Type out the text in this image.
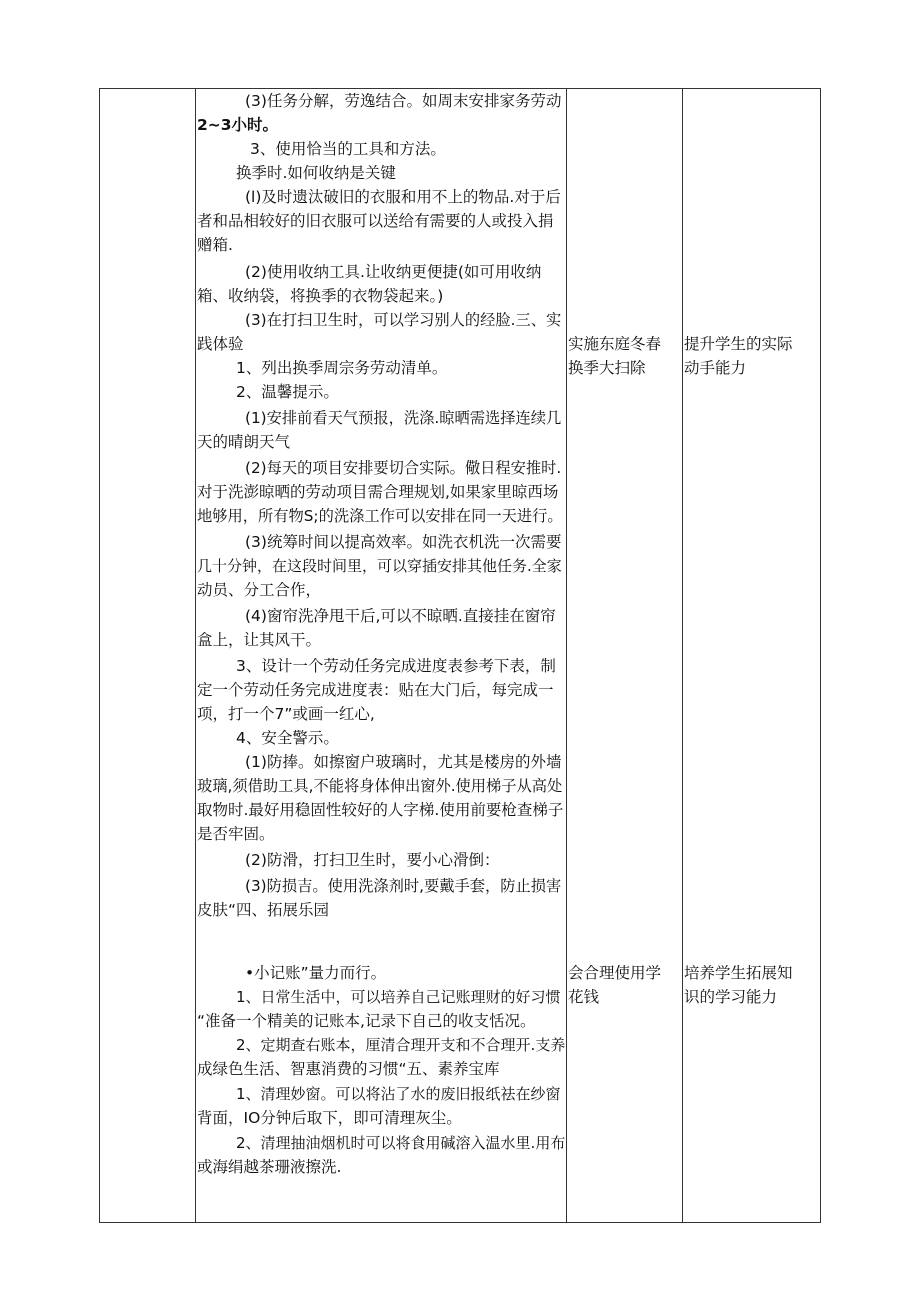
(3)任务分解，劳逸结合。如周末安排家务劳动
2~3小时。
3、使用恰当的工具和方法。
换季时.如何收纳是关键
(l)及时遗汰破旧的衣服和用不上的物品.对于后
者和品相较好的旧衣服可以送给有需要的人或投入捐
赠箱.
(2)使用收纳工具.让收纳更便捷(如可用收纳
箱、收纳袋，将换季的衣物袋起来。)
(3)在打扫卫生时，可以学习别人的经脸.三、实
践体验
1、列出换季周宗务劳动清单。
2、温馨提示。
(1)安排前看天气预报，洗涤.晾晒需选择连续几
天的晴朗天气
(2)每天的项目安排要切合实际。儆日程安推时.
对于洗澎晾晒的劳动项目需合理规划,如果家里晾西场
地够用，所有物S;的洗涤工作可以安排在同一天进行。
(3)统筹时间以提高效率。如洗衣机洗一次需要
几十分钟，在这段时间里，可以穿插安排其他任务.全家
动员、分工合作，
(4)窗帘洗净甩干后,可以不晾晒.直接挂在窗帘
盒上，让其风干。
3、设计一个劳动任务完成进度表参考下表，制
定一个劳动任务完成进度表：贴在大门后，每完成一
项，打一个7”或画一红心,
4、安全警示。
(1)防捧。如擦窗户玻璃时，尤其是楼房的外墙
玻璃,须借助工具,不能将身体伸出窗外.使用梯子从高处
取物时.最好用稳固性较好的人字梯.使用前要枪查梯子
是否牢固。
(2)防滑，打扫卫生时，要小心滑倒：
(3)防损吉。使用洗涤剂时,要戴手套，防止损害
皮肤“四、拓展乐园
•小记账”量力而行。
1、日常生活中，可以培养自己记账理财的好习惯
“准备一个精美的记账本,记录下自己的收支恬况。
2、定期查右账本，厘清合理开支和不合理开.支养
成绿色生活、智惠消费的习惯“五、素养宝库
1、清理妙窗。可以将沾了水的废旧报纸祛在纱窗
背面，IO分钟后取下，即可清理灰尘。
2、清理抽油烟机时可以将食用碱溶入温水里.用布
或海绢越茶珊液擦洗.
实施东庭冬春
换季大扫除
会合理使用学
花钱
提升学生的实际
动手能力
培养学生拓展知
识的学习能力
